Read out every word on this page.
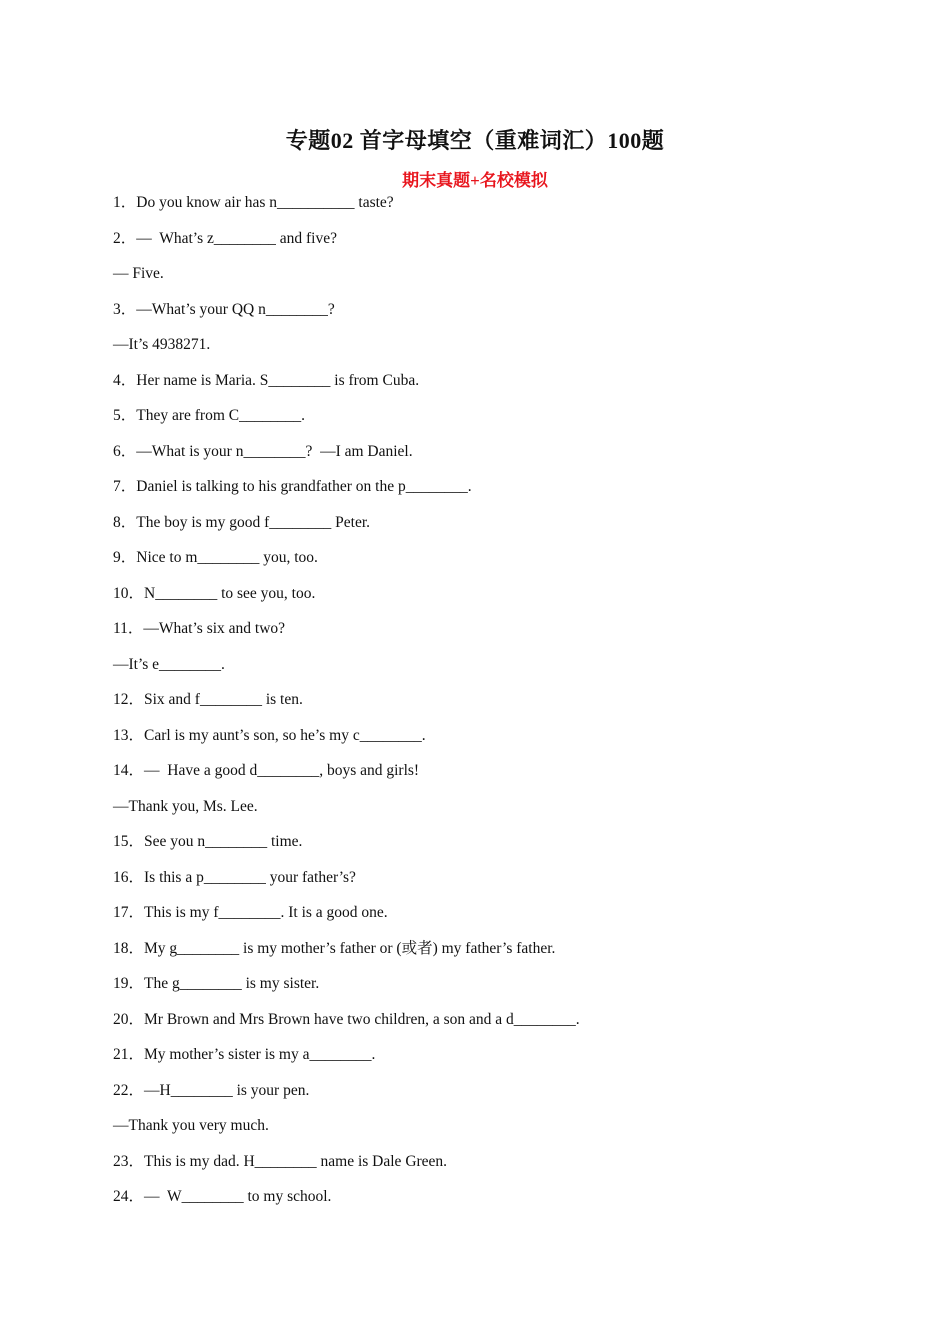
专题02 首字母填空（重难词汇）100题
期末真题+名校模拟
1．Do you know air has n__________ taste?
2．—  What’s z________ and five?
— Five.
3．—What’s your QQ n________?
—It’s 4938271.
4．Her name is Maria. S________ is from Cuba.
5．They are from C________.
6．—What is your n________?  —I am Daniel.
7．Daniel is talking to his grandfather on the p________.
8．The boy is my good f________ Peter.
9．Nice to m________ you, too.
10．N________ to see you, too.
11．—What’s six and two?
—It’s e________.
12．Six and f________ is ten.
13．Carl is my aunt’s son, so he’s my c________.
14．—  Have a good d________, boys and girls!
—Thank you, Ms. Lee.
15．See you n________ time.
16．Is this a p________ your father’s?
17．This is my f________. It is a good one.
18．My g________ is my mother’s father or (或者) my father’s father.
19．The g________ is my sister.
20．Mr Brown and Mrs Brown have two children, a son and a d________.
21．My mother’s sister is my a________.
22．—H________ is your pen.
—Thank you very much.
23．This is my dad. H________ name is Dale Green.
24．—  W________ to my school.
